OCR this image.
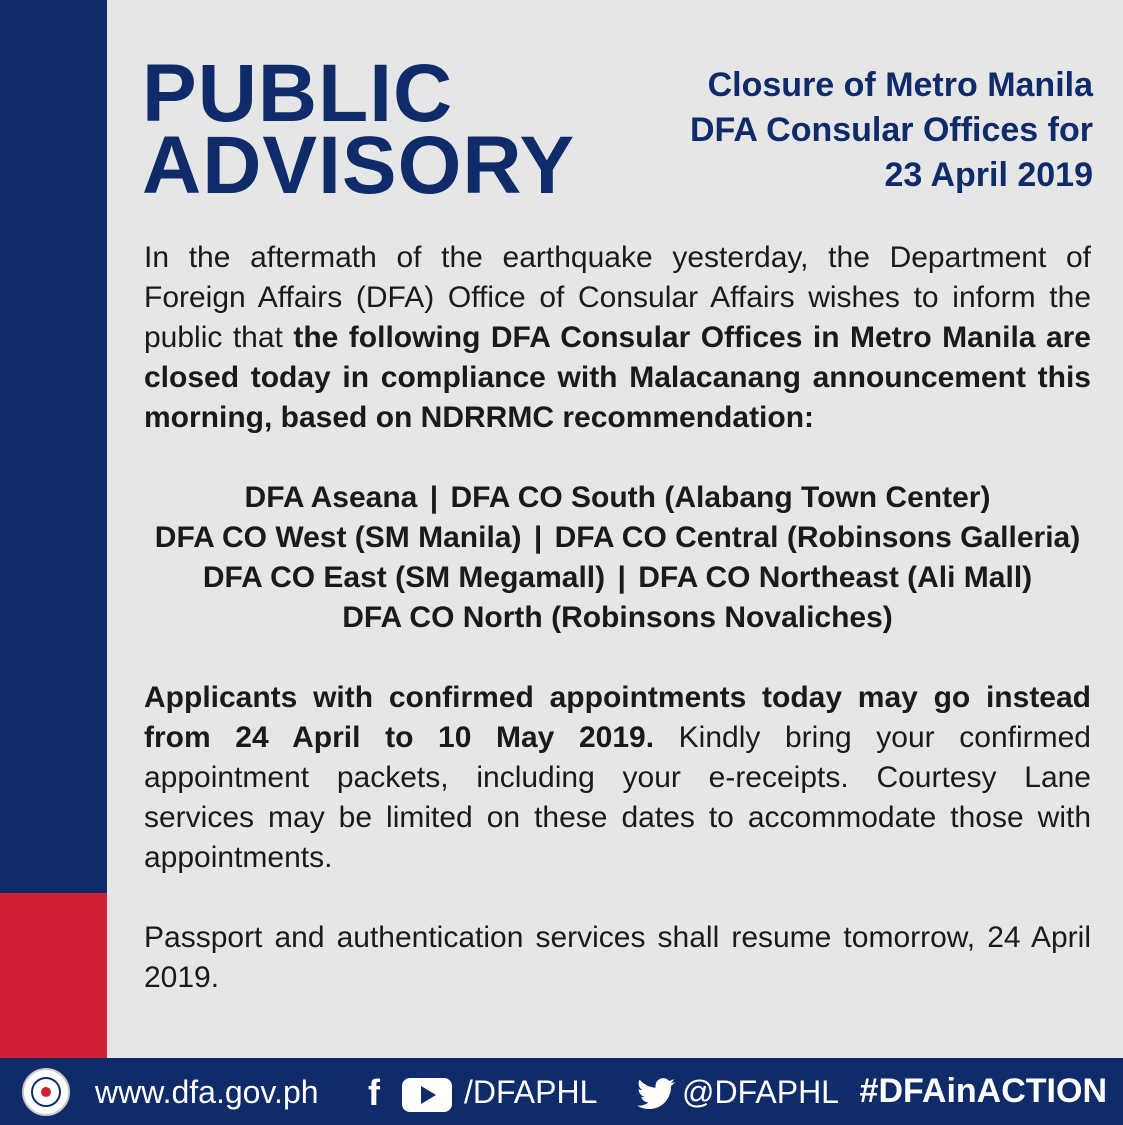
PUBLIC
ADVISORY
Closure of Metro Manila
DFA Consular Offices for
23 April 2019

In the aftermath of the earthquake yesterday, the Department of Foreign Affairs (DFA) Office of Consular Affairs wishes to inform the public that the following DFA Consular Offices in Metro Manila are closed today in compliance with Malacanang announcement this morning, based on NDRRMC recommendation:

DFA Aseana | DFA CO South (Alabang Town Center)
DFA CO West (SM Manila) | DFA CO Central (Robinsons Galleria)
DFA CO East (SM Megamall) | DFA CO Northeast (Ali Mall)
DFA CO North (Robinsons Novaliches)

Applicants with confirmed appointments today may go instead from 24 April to 10 May 2019. Kindly bring your confirmed appointment packets, including your e-receipts. Courtesy Lane services may be limited on these dates to accommodate those with appointments.

Passport and authentication services shall resume tomorrow, 24 April 2019.

www.dfa.gov.ph f	/DFAPHL	@DFAPHL #DFAinACTION
